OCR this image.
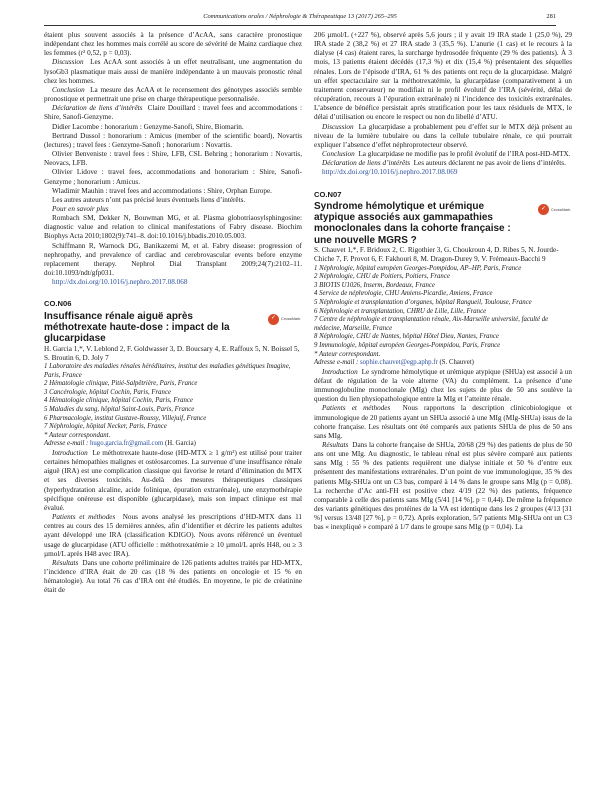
Communications orales / Néphrologie & Thérapeutique 13 (2017) 265–295	281

étaient plus souvent associés à la présence d’AcAA, sans caractère pronostique indépendant chez les hommes mais corrélé au score de sévérité de Mainz cardiaque chez les femmes (r² 0,52, p = 0,03).

Discussion Les AcAA sont associés à un effet neutralisant, une augmentation du lysoGb3 plasmatique mais aussi de manière indépendante à un mauvais pronostic rénal chez les hommes.

Conclusion La mesure des AcAA et le recensement des génotypes associés semble pronostique et permettrait une prise en charge thérapeutique personnalisée.

Déclaration de liens d’intérêts Claire Douillard : travel fees and accommodations : Shire, Sanofi-Genzyme.

Didier Lacombe : honorarium : Genzyme-Sanofi, Shire, Biomarin.

Bertrand Dussol : honorarium : Amicus (member of the scientific board), Novartis (lectures) ; travel fees : Genzyme-Sanofi ; honorarium : Novartis.

Olivier Benveniste : travel fees : Shire, LFB, CSL Behring ; honorarium : Novartis, Neovacs, LFB.

Olivier Lidove : travel fees, accommodations and honorarium : Shire, Sanofi-Genzyme ; honorarium : Amicus.

Wladimir Mauhin : travel fees and accommodations : Shire, Orphan Europe.

Les autres auteurs n’ont pas précisé leurs éventuels liens d’intérêts.

Pour en savoir plus

Rombach SM, Dekker N, Bouwman MG, et al. Plasma globotriaosylsphingosine: diagnostic value and relation to clinical manifestations of Fabry disease. Biochim Biophys Acta 2010;1802(9):741–8. doi:10.1016/j.bbadis.2010.05.003.

Schiffmann R, Warnock DG, Banikazemi M, et al. Fabry disease: progression of nephropathy, and prevalence of cardiac and cerebrovascular events before enzyme replacement therapy. Nephrol Dial Transplant 2009;24(7):2102–11. doi:10.1093/ndt/gfp031.

http://dx.doi.org/10.1016/j.nephro.2017.08.068

CO.N06
Insuffisance rénale aiguë après méthotrexate haute-dose : impact de la glucarpidase
✓	CrossMark

H. Garcia 1,*, V. Leblond 2, F. Goldwasser 3, D. Boucsary 4, E. Raffoux 5, N. Boissel 5, S. Broutin 6, D. Joly 7

1 Laboratoire des maladies rénales héréditaires, institut des maladies génétiques Imagine, Paris, France

2 Hématologie clinique, Pitié-Salpêtrière, Paris, France

3 Cancérologie, hôpital Cochin, Paris, France

4 Hématologie clinique, hôpital Cochin, Paris, France

5 Maladies du sang, hôpital Saint-Louis, Paris, France

6 Pharmacologie, institut Gustave-Roussy, Villejuif, France

7 Néphrologie, hôpital Necker, Paris, France

* Auteur correspondant.

Adresse e-mail : hugo.garcia.fr@gmail.com (H. Garcia)

Introduction Le méthotrexate haute-dose (HD-MTX ≥ 1 g/m²) est utilisé pour traiter certaines hémopathies malignes et ostéosarcomes. La survenue d’une insuffisance rénale aiguë (IRA) est une complication classique qui favorise le retard d’élimination du MTX et ses diverses toxicités. Au-delà des mesures thérapeutiques classiques (hyperhydratation alcaline, acide folinique, épuration extrarénale), une enzymothérapie spécifique onéreuse est disponible (glucarpidase), mais son impact clinique est mal évalué.

Patients et méthodes Nous avons analysé les prescriptions d’HD-MTX dans 11 centres au cours des 15 dernières années, afin d’identifier et décrire les patients adultes ayant développé une IRA (classification KDIGO). Nous avons référencé un éventuel usage de glucarpidase (ATU officielle : méthotrexatémie ≥ 10 µmol/L après H48, ou ≥ 3 µmol/L après H48 avec IRA).

Résultats Dans une cohorte préliminaire de 126 patients adultes traités par HD-MTX, l’incidence d’IRA était de 20 cas (18 % des patients en oncologie et 15 % en hématologie). Au total 76 cas d’IRA ont été étudiés. En moyenne, le pic de créatinine était de

206 µmol/L (+227 %), observé après 5,6 jours ; il y avait 19 IRA stade 1 (25,0 %), 29 IRA stade 2 (38,2 %) et 27 IRA stade 3 (35,5 %). L’anurie (1 cas) et le recours à la dialyse (4 cas) étaient rares, la surcharge hydrosodée fréquente (29 % des patients). À 3 mois, 13 patients étaient décédés (17,3 %) et dix (15,4 %) présentaient des séquelles rénales. Lors de l’épisode d’IRA, 61 % des patients ont reçu de la glucarpidase. Malgré un effet spectaculaire sur la méthotrexatémie, la glucarpidase (comparativement à un traitement conservateur) ne modifiait ni le profil évolutif de l’IRA (sévérité, délai de récupération, recours à l’épuration extrarénale) ni l’incidence des toxicités extrarénales. L’absence de bénéfice persistait après stratification pour les taux résiduels de MTX, le délai d’utilisation ou encore le respect ou non du libellé d’ATU.

Discussion La glucarpidase a probablement peu d’effet sur le MTX déjà présent au niveau de la lumière tubulaire ou dans la cellule tubulaire rénale, ce qui pourrait expliquer l’absence d’effet néphroprotecteur observé.

Conclusion La glucarpidase ne modifie pas le profil évolutif de l’IRA post-HD-MTX.

Déclaration de liens d’intérêts Les auteurs déclarent ne pas avoir de liens d’intérêts.

http://dx.doi.org/10.1016/j.nephro.2017.08.069

CO.N07
Syndrome hémolytique et urémique atypique associés aux gammapathies monoclonales dans la cohorte française : une nouvelle MGRS ?
✓	CrossMark

S. Chauvet 1,*, F. Bridoux 2, C. Rigothier 3, G. Choukroun 4, D. Ribes 5, N. Jourde-Chiche 7, F. Provot 6, F. Fakhouri 8, M. Dragon-Durey 9, V. Frémeaux-Bacchi 9

1 Néphrologie, hôpital européen Georges-Pompidou, AP–HP, Paris, France

2 Néphrologie, CHU de Poitiers, Poitiers, France

3 BIOTIS U1026, Inserm, Bordeaux, France

4 Service de néphrologie, CHU Amiens-Picardie, Amiens, France

5 Néphrologie et transplantation d’organes, hôpital Rangueil, Toulouse, France

6 Néphrologie et transplantation, CHRU de Lille, Lille, France

7 Centre de néphrologie et transplantation rénale, Aix-Marseille université, faculté de médecine, Marseille, France

8 Néphrologie, CHU de Nantes, hôpital Hôtel Dieu, Nantes, France

9 Immunologie, hôpital européen Georges-Pompidou, Paris, France

* Auteur correspondant.

Adresse e-mail : sophie.chauvet@egp.aphp.fr (S. Chauvet)

Introduction Le syndrome hémolytique et urémique atypique (SHUa) est associé à un défaut de régulation de la voie alterne (VA) du complément. La présence d’une immunoglobuline monoclonale (MIg) chez les sujets de plus de 50 ans soulève la question du lien physiopathologique entre la MIg et l’atteinte rénale.

Patients et méthodes Nous rapportons la description clinicobiologique et immunologique de 20 patients ayant un SHUa associé à une MIg (MIg-SHUa) issus de la cohorte française. Les résultats ont été comparés aux patients SHUa de plus de 50 ans sans MIg.

Résultats Dans la cohorte française de SHUa, 20/68 (29 %) des patients de plus de 50 ans ont une MIg. Au diagnostic, le tableau rénal est plus sévère comparé aux patients sans MIg : 55 % des patients requièrent une dialyse initiale et 50 % d’entre eux présentent des manifestations extrarénales. D’un point de vue immunologique, 35 % des patients MIg-SHUa ont un C3 bas, comparé à 14 % dans le groupe sans MIg (p = 0,08). La recherche d’Ac anti-FH est positive chez 4/19 (22 %) des patients, fréquence comparable à celle des patients sans MIg (5/41 [14 %], p = 0,44). De même la fréquence des variants génétiques des protéines de la VA est identique dans les 2 groupes (4/13 [31 %] versus 13/48 [27 %], p = 0,72). Après exploration, 5/7 patients MIg-SHUa ont un C3 bas « inexpliqué » comparé à 1/7 dans le groupe sans MIg (p = 0,04). La
